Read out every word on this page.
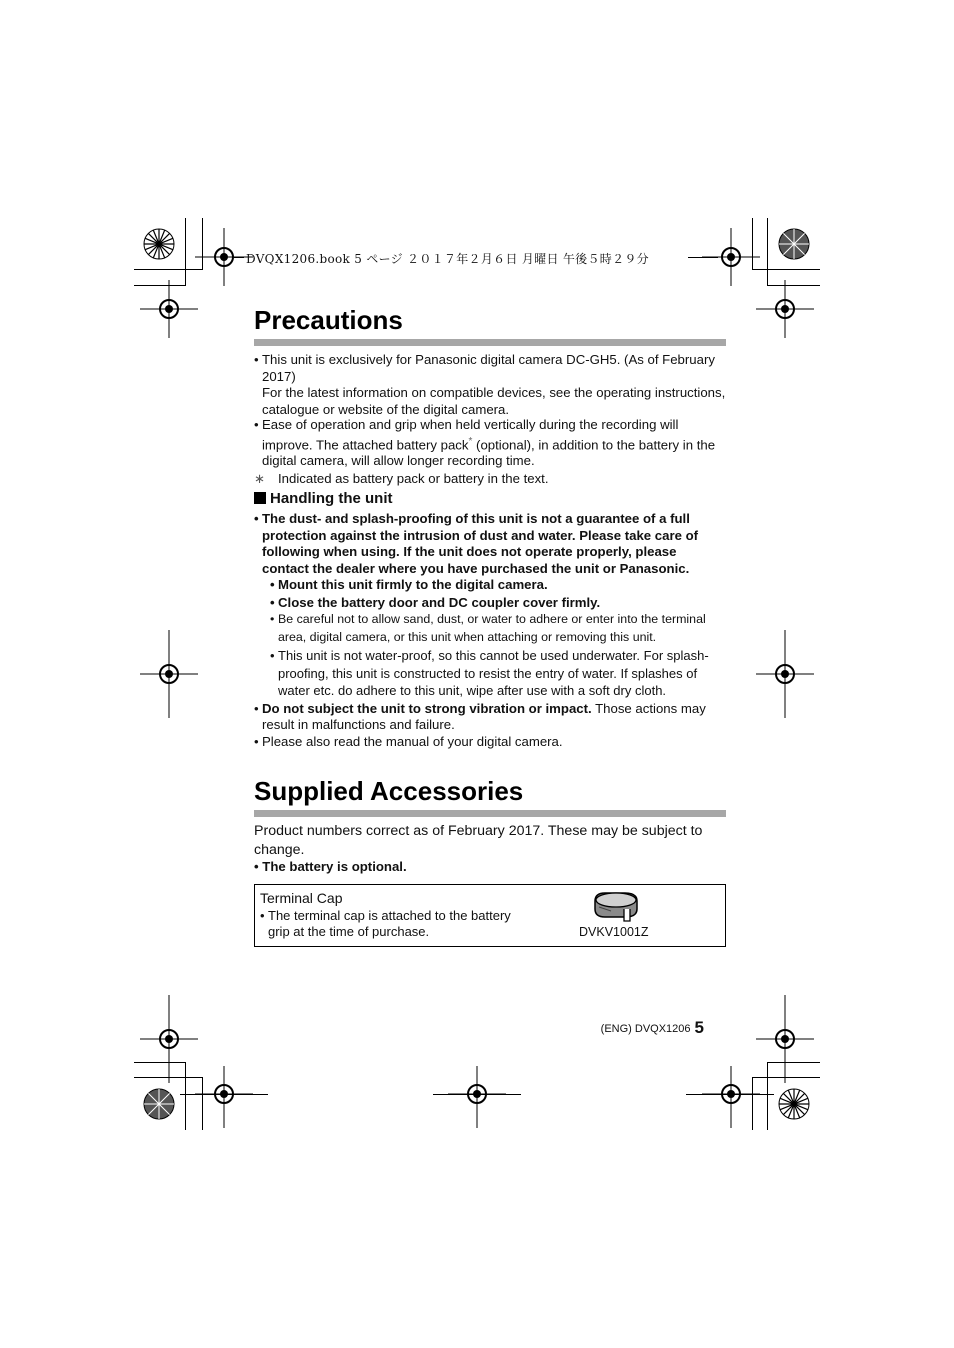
DVQX1206.book 5 ページ ２０１７年２月６日 月曜日 午後５時２９分
Precautions
• This unit is exclusively for Panasonic digital camera DC-GH5. (As of February 2017)
For the latest information on compatible devices, see the operating instructions, catalogue or website of the digital camera.
• Ease of operation and grip when held vertically during the recording will improve. The attached battery pack* (optional), in addition to the battery in the digital camera, will allow longer recording time.
∗ Indicated as battery pack or battery in the text.
Handling the unit
• The dust- and splash-proofing of this unit is not a guarantee of a full protection against the intrusion of dust and water. Please take care of following when using. If the unit does not operate properly, please contact the dealer where you have purchased the unit or Panasonic.
• Mount this unit firmly to the digital camera.
• Close the battery door and DC coupler cover firmly.
• Be careful not to allow sand, dust, or water to adhere or enter into the terminal area, digital camera, or this unit when attaching or removing this unit.
• This unit is not water-proof, so this cannot be used underwater. For splash-proofing, this unit is constructed to resist the entry of water. If splashes of water etc. do adhere to this unit, wipe after use with a soft dry cloth.
• Do not subject the unit to strong vibration or impact. Those actions may result in malfunctions and failure.
• Please also read the manual of your digital camera.
Supplied Accessories
Product numbers correct as of February 2017. These may be subject to change.
• The battery is optional.
Terminal Cap
• The terminal cap is attached to the battery grip at the time of purchase.	DVKV1001Z
(ENG) DVQX1206 5
